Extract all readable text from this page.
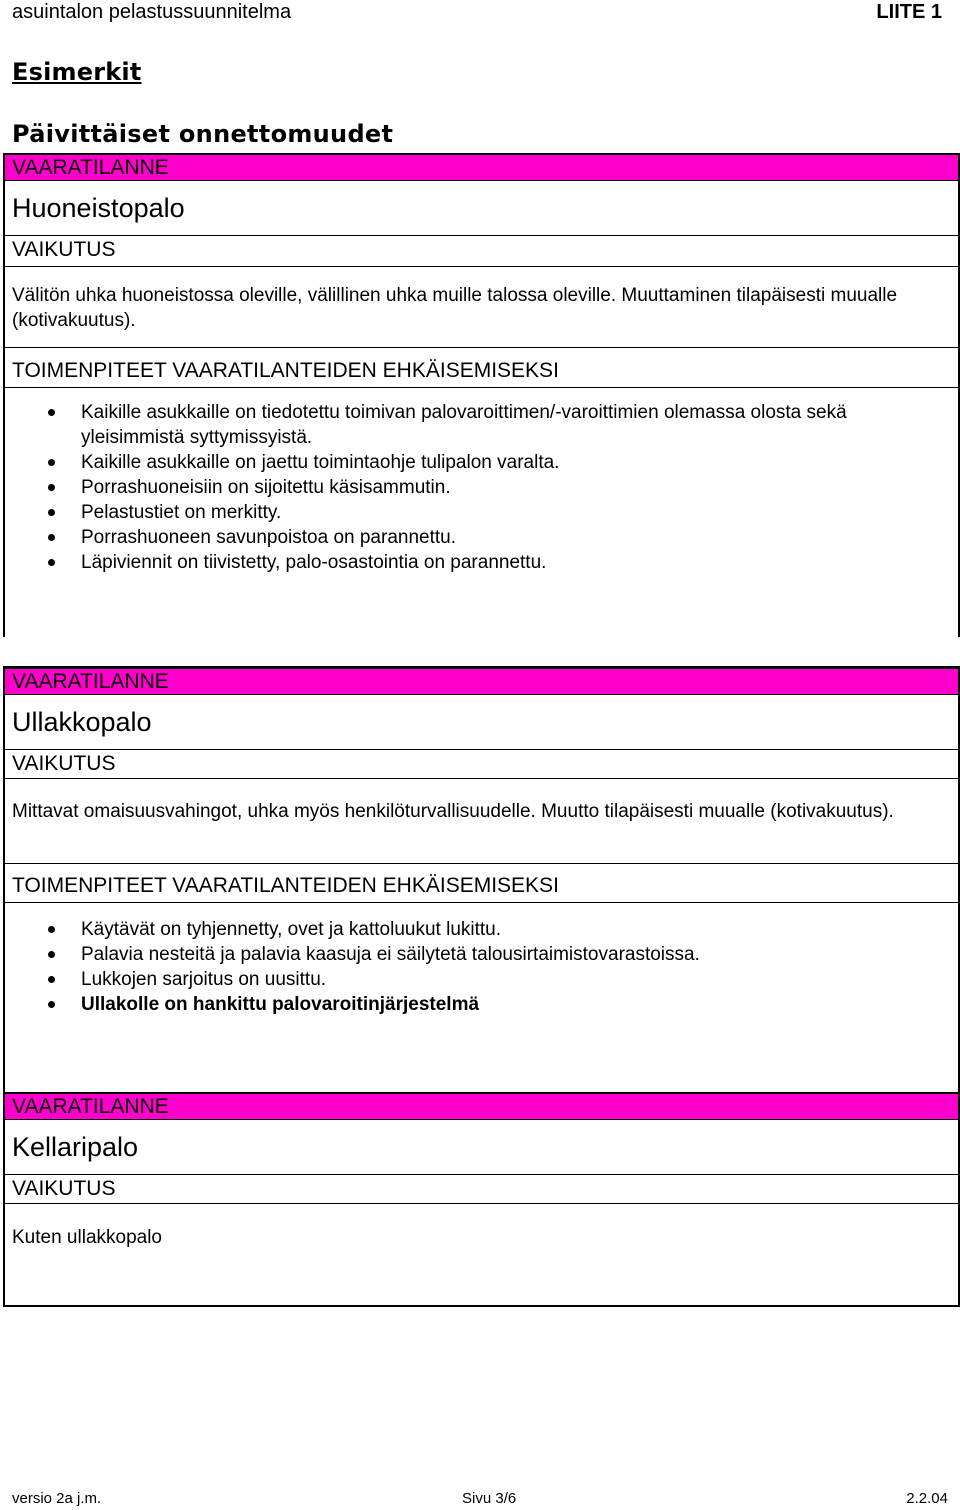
asuintalon pelastussuunnitelma	LIITE 1
Esimerkit
Päivittäiset onnettomuudet
VAARATILANNE
Huoneistopalo
VAIKUTUS
Välitön uhka huoneistossa oleville, välillinen uhka muille talossa oleville. Muuttaminen tilapäisesti muualle (kotivakuutus).
TOIMENPITEET VAARATILANTEIDEN EHKÄISEMISEKSI
Kaikille asukkaille on tiedotettu toimivan palovaroittimen/-varoittimien olemassa olosta sekä yleisimmistä syttymissyistä.
Kaikille asukkaille on jaettu toimintaohje tulipalon varalta.
Porrashuoneisiin on sijoitettu käsisammutin.
Pelastustiet on merkitty.
Porrashuoneen savunpoistoa on parannettu.
Läpiviennit on tiivistetty, palo-osastointia on parannettu.
VAARATILANNE
Ullakkopalo
VAIKUTUS
Mittavat omaisuusvahingot, uhka myös henkilöturvallisuudelle. Muutto tilapäisesti muualle (kotivakuutus).
TOIMENPITEET VAARATILANTEIDEN EHKÄISEMISEKSI
Käytävät on tyhjennetty, ovet ja kattoluukut lukittu.
Palavia nesteitä ja palavia kaasuja ei säilytetä talousirtaimistovarastoissa.
Lukkojen sarjoitus on uusittu.
Ullakolle on hankittu palovaroitinjärjestelmä
VAARATILANNE
Kellaripalo
VAIKUTUS
Kuten ullakkopalo
versio 2a j.m.	Sivu 3/6	2.2.04
